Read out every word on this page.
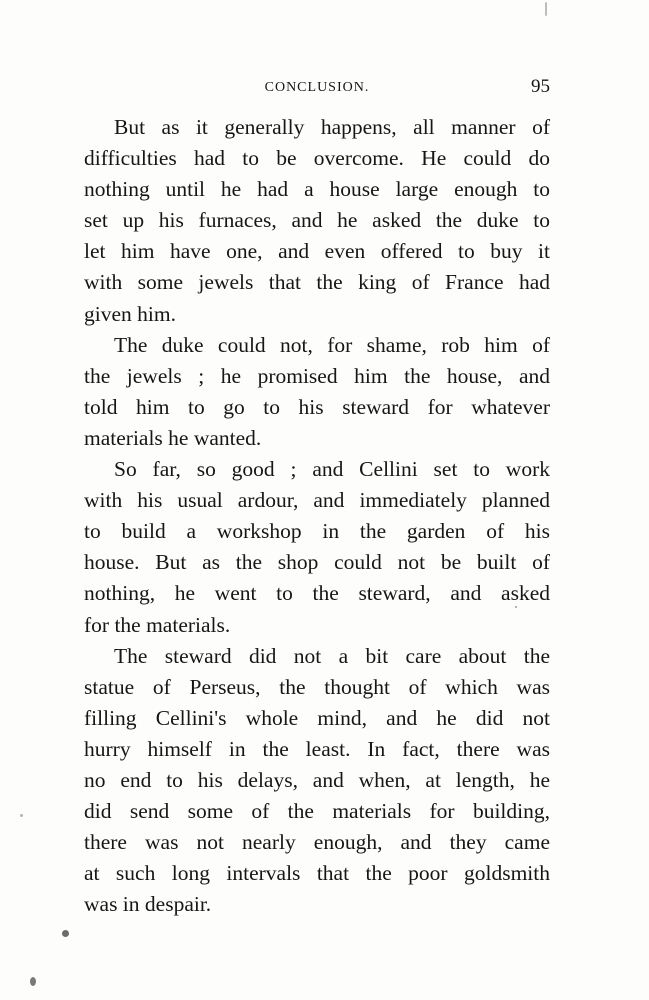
CONCLUSION.	95

But as it generally happens, all manner of
difficulties had to be overcome. He could do
nothing until he had a house large enough to
set up his furnaces, and he asked the duke to
let him have one, and even offered to buy it
with some jewels that the king of France had
given him.

The duke could not, for shame, rob him of
the jewels ; he promised him the house, and
told him to go to his steward for whatever
materials he wanted.

So far, so good ; and Cellini set to work
with his usual ardour, and immediately planned
to build a workshop in the garden of his
house. But as the shop could not be built of
nothing, he went to the steward, and asked
for the materials.

The steward did not a bit care about the
statue of Perseus, the thought of which was
filling Cellini's whole mind, and he did not
hurry himself in the least. In fact, there was
no end to his delays, and when, at length, he
did send some of the materials for building,
there was not nearly enough, and they came
at such long intervals that the poor goldsmith
was in despair.
